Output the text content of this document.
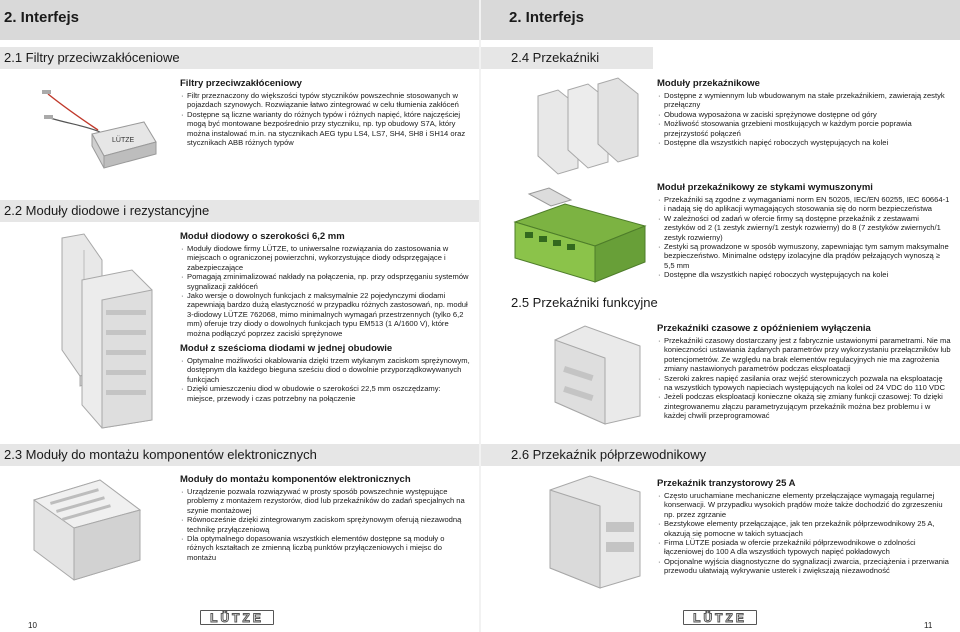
2. Interfejs
2.1 Filtry przeciwzakłóceniowe
LÜTZE
Filtry przeciwzakłóceniowy
· Filtr przeznaczony do większości typów styczników powszechnie stosowanych w pojazdach szynowych. Rozwiązanie łatwo zintegrować w celu tłumienia zakłóceń
· Dostępne są liczne warianty do różnych typów i różnych napięć, które najczęściej mogą być montowane bezpośrednio przy styczniku, np. typ obudowy S7A, który można instalować m.in. na stycznikach AEG typu LS4, LS7, SH4, SH8 i SH14 oraz stycznikach ABB różnych typów
2.2 Moduły diodowe i rezystancyjne
Moduł diodowy o szerokości 6,2 mm
· Moduły diodowe firmy LÜTZE, to uniwersalne rozwiązania do zastosowania w miejscach o ograniczonej powierzchni, wykorzystujące diody odsprzęgające i zabezpieczające
· Pomagają zminimalizować nakłady na połączenia, np. przy odsprzęganiu systemów sygnalizacji zakłóceń
· Jako wersje o dowolnych funkcjach z maksymalnie 22 pojedynczymi diodami zapewniają bardzo dużą elastyczność w przypadku różnych zastosowań, np. moduł 3-diodowy LÜTZE 762068, mimo minimalnych wymagań przestrzennych (tylko 6,2 mm) oferuje trzy diody o dowolnych funkcjach typu EM513 (1 A/1600 V), które można podłączyć poprzez zaciski sprężynowe
Moduł z sześcioma diodami w jednej obudowie
· Optymalne możliwości okablowania dzięki trzem wtykanym zaciskom sprężynowym, dostępnym dla każdego bieguna sześciu diod o dowolnie przyporządkowywanych funkcjach
· Dzięki umieszczeniu diod w obudowie o szerokości 22,5 mm oszczędzamy: miejsce, przewody i czas potrzebny na połączenie
2.3 Moduły do montażu komponentów elektronicznych
Moduły do montażu komponentów elektronicznych
· Urządzenie pozwala rozwiązywać w prosty sposób powszechnie występujące problemy z montażem rezystorów, diod lub przekaźników do zadań specjalnych na szynie montażowej
· Równocześnie dzięki zintegrowanym zaciskom sprężynowym oferują niezawodną technikę przyłączeniową
· Dla optymalnego dopasowania wszystkich elementów dostępne są moduły o różnych kształtach ze zmienną liczbą punktów przyłączeniowych i miejsc do montażu
LÜTZE
10
2. Interfejs
2.4 Przekaźniki
Moduły przekaźnikowe
· Dostępne z wymiennym lub wbudowanym na stałe przekaźnikiem, zawierają zestyk przełączny
· Obudowa wyposażona w zaciski sprężynowe dostępne od góry
· Możliwość stosowania grzebieni mostkujących w każdym porcie poprawia przejrzystość połączeń
· Dostępne dla wszystkich napięć roboczych występujących na kolei
Moduł przekaźnikowy ze stykami wymuszonymi
· Przekaźniki są zgodne z wymaganiami norm EN 50205, IEC/EN 60255, IEC 60664-1 i nadają się do aplikacji wymagających stosowania się do norm bezpieczeństwa
· W zależności od zadań w ofercie firmy są dostępne przekaźnik z zestawami zestyków od 2 (1 zestyk zwierny/1 zestyk rozwierny) do 8 (7 zestyków zwiernych/1 zestyk rozwierny)
· Zestyki są prowadzone w sposób wymuszony, zapewniając tym samym maksymalne bezpieczeństwo. Minimalne odstępy izolacyjne dla prądów pełzających wynoszą ≥ 5,5 mm
· Dostępne dla wszystkich napięć roboczych występujących na kolei
2.5 Przekaźniki funkcyjne
Przekaźniki czasowe z opóźnieniem wyłączenia
· Przekaźniki czasowy dostarczany jest z fabrycznie ustawionymi parametrami. Nie ma konieczności ustawiania żądanych parametrów przy wykorzystaniu przełączników lub potencjometrów. Ze względu na brak elementów regulacyjnych nie ma zagrożenia zmiany nastawionych parametrów podczas eksploatacji
· Szeroki zakres napięć zasilania oraz wejść sterowniczych pozwala na eksploatację na wszystkich typowych napieciach występujących na kolei od 24 VDC do 110 VDC
· Jeżeli podczas eksploatacji konieczne okażą się zmiany funkcji czasowej: To dzięki zintegrowanemu złączu parametryzującym przekaźnik można bez problemu i w każdej chwili przeprogramować
2.6 Przekaźnik półprzewodnikowy
Przekaźnik tranzystorowy 25 A
· Często uruchamiane mechaniczne elementy przełączające wymagają regularnej konserwacji. W przypadku wysokich prądów może także dochodzić do zgrzeszeniu np. przez zgrzanie
· Bezstykowe elementy przełączające, jak ten przekaźnik półprzewodnikowy 25 A, okazują się pomocne w takich sytuacjach
· Firma LÜTZE posiada w ofercie przekaźniki półprzewodnikowe o zdolności łączeniowej do 100 A dla wszystkich typowych napięć pokładowych
· Opcjonalne wyjścia diagnostyczne do sygnalizacji zwarcia, przeciążenia i przerwania przewodu ułatwiają wykrywanie usterek i zwiększają niezawodność
LÜTZE
11
